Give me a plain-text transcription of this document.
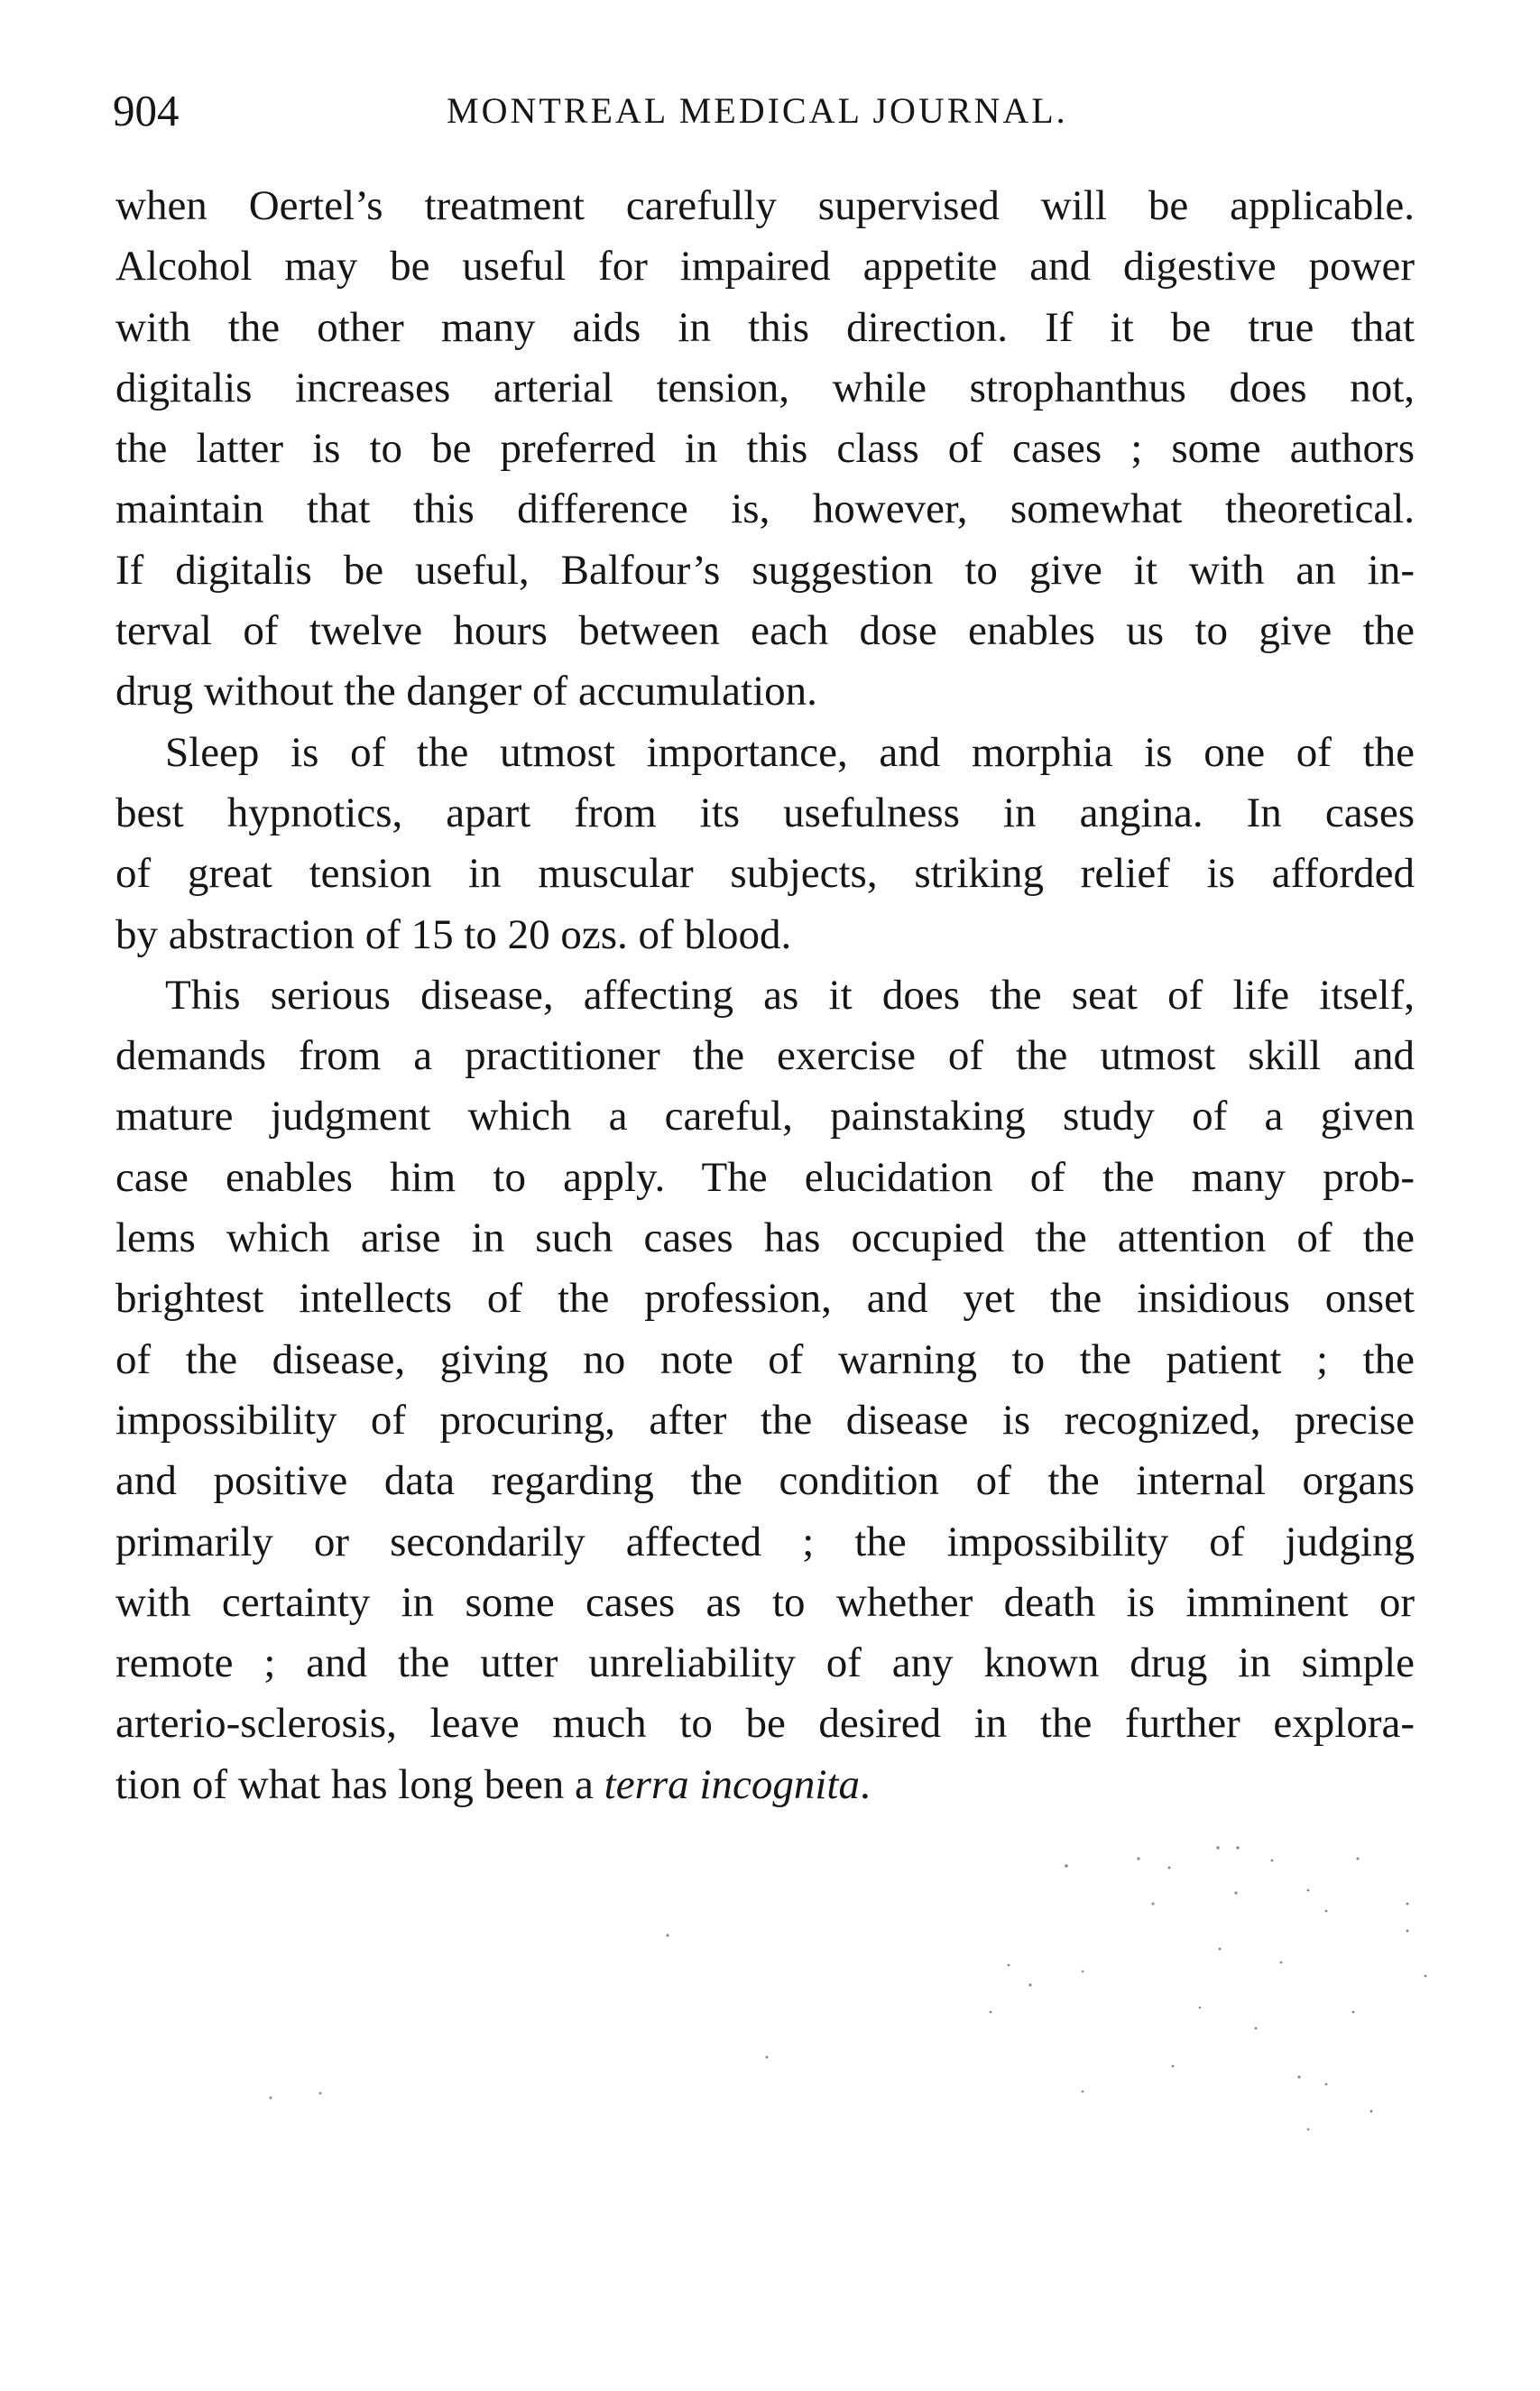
904	MONTREAL MEDICAL JOURNAL.
when Oertel’s treatment carefully supervised will be applicable.
Alcohol may be useful for impaired appetite and digestive power
with the other many aids in this direction. If it be true that
digitalis increases arterial tension, while strophanthus does not,
the latter is to be preferred in this class of cases ; some authors
maintain that this difference is, however, somewhat theoretical.
If digitalis be useful, Balfour’s suggestion to give it with an in-
terval of twelve hours between each dose enables us to give the
drug without the danger of accumulation.
Sleep is of the utmost importance, and morphia is one of the
best hypnotics, apart from its usefulness in angina. In cases
of great tension in muscular subjects, striking relief is afforded
by abstraction of 15 to 20 ozs. of blood.
This serious disease, affecting as it does the seat of life itself,
demands from a practitioner the exercise of the utmost skill and
mature judgment which a careful, painstaking study of a given
case enables him to apply. The elucidation of the many prob-
lems which arise in such cases has occupied the attention of the
brightest intellects of the profession, and yet the insidious onset
of the disease, giving no note of warning to the patient ; the
impossibility of procuring, after the disease is recognized, precise
and positive data regarding the condition of the internal organs
primarily or secondarily affected ; the impossibility of judging
with certainty in some cases as to whether death is imminent or
remote ; and the utter unreliability of any known drug in simple
arterio-sclerosis, leave much to be desired in the further explora-
tion of what has long been a terra incognita.
